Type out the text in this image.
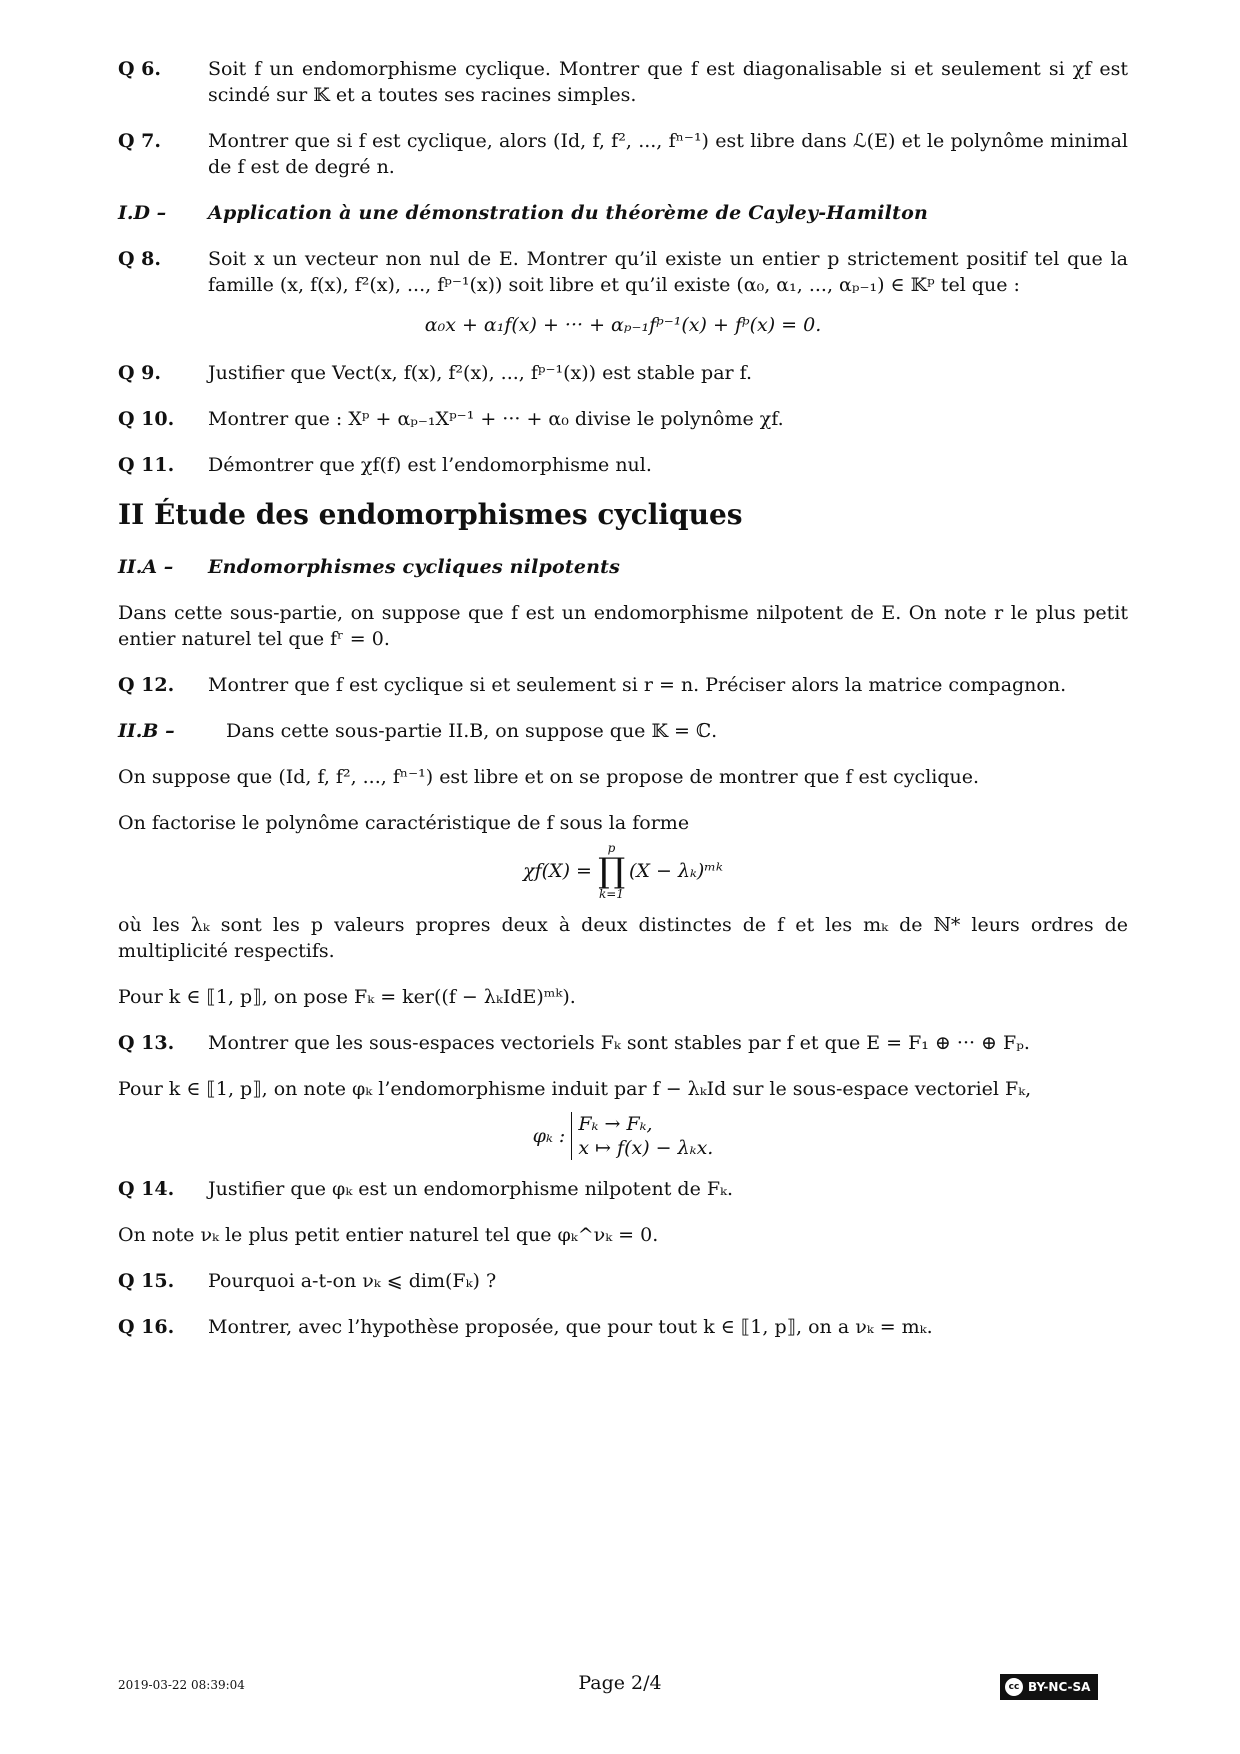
Q 6.	Soit f un endomorphisme cyclique. Montrer que f est diagonalisable si et seulement si χf est scindé sur 𝕂 et a toutes ses racines simples.
Q 7.	Montrer que si f est cyclique, alors (Id, f, f², ..., fⁿ⁻¹) est libre dans ℒ(E) et le polynôme minimal de f est de degré n.
I.D –	Application à une démonstration du théorème de Cayley-Hamilton
Q 8.	Soit x un vecteur non nul de E. Montrer qu’il existe un entier p strictement positif tel que la famille (x, f(x), f²(x), ..., fᵖ⁻¹(x)) soit libre et qu’il existe (α₀, α₁, ..., αₚ₋₁) ∈ 𝕂ᵖ tel que :
α₀x + α₁f(x) + ··· + αₚ₋₁fᵖ⁻¹(x) + fᵖ(x) = 0.
Q 9.	Justifier que Vect(x, f(x), f²(x), ..., fᵖ⁻¹(x)) est stable par f.
Q 10.	Montrer que : Xᵖ + αₚ₋₁Xᵖ⁻¹ + ··· + α₀ divise le polynôme χf.
Q 11.	Démontrer que χf(f) est l’endomorphisme nul.
II Étude des endomorphismes cycliques
II.A –	Endomorphismes cycliques nilpotents

Dans cette sous-partie, on suppose que f est un endomorphisme nilpotent de E. On note r le plus petit entier naturel tel que fʳ = 0.

Q 12.	Montrer que f est cyclique si et seulement si r = n. Préciser alors la matrice compagnon.
II.B –	Dans cette sous-partie II.B, on suppose que 𝕂 = ℂ.

On suppose que (Id, f, f², ..., fⁿ⁻¹) est libre et on se propose de montrer que f est cyclique.

On factorise le polynôme caractéristique de f sous la forme

χf(X) =
p
∏
k=1
(X − λₖ)ᵐᵏ

où les λₖ sont les p valeurs propres deux à deux distinctes de f et les mₖ de ℕ* leurs ordres de multiplicité respectifs.

Pour k ∈ ⟦1, p⟧, on pose Fₖ = ker((f − λₖIdE)ᵐᵏ).

Q 13.	Montrer que les sous-espaces vectoriels Fₖ sont stables par f et que E = F₁ ⊕ ··· ⊕ Fₚ.

Pour k ∈ ⟦1, p⟧, on note φₖ l’endomorphisme induit par f − λₖId sur le sous-espace vectoriel Fₖ,

φₖ :
Fₖ → Fₖ,
x ↦ f(x) − λₖx.
Q 14.	Justifier que φₖ est un endomorphisme nilpotent de Fₖ.

On note νₖ le plus petit entier naturel tel que φₖ^νₖ = 0.

Q 15.	Pourquoi a-t-on νₖ ⩽ dim(Fₖ) ?
Q 16.	Montrer, avec l’hypothèse proposée, que pour tout k ∈ ⟦1, p⟧, on a νₖ = mₖ.
2019-03-22 08:39:04	Page 2/4	cc BY-NC-SA
